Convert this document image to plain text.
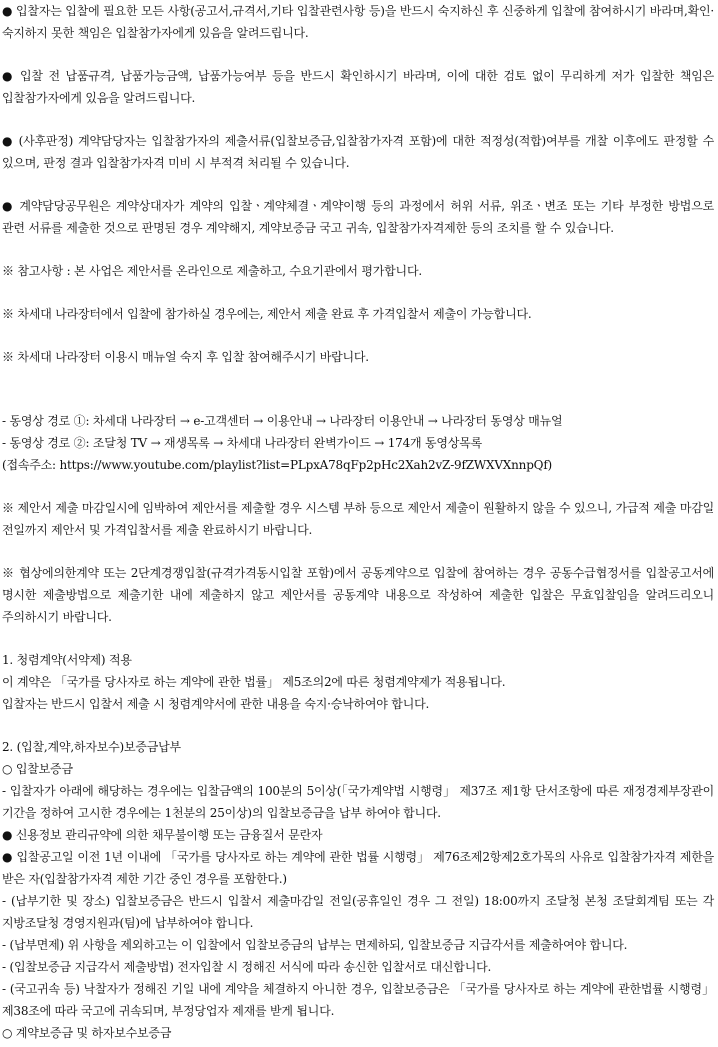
● 입찰자는 입찰에 필요한 모든 사항(공고서,규격서,기타 입찰관련사항 등)을 반드시 숙지하신 후 신중하게 입찰에 참여하시기 바라며,확인·숙지하지 못한 책임은 입찰참가자에게 있음을 알려드립니다.
● 입찰 전 납품규격, 납품가능금액, 납품가능여부 등을 반드시 확인하시기 바라며, 이에 대한 검토 없이 무리하게 저가 입찰한 책임은 입찰참가자에게 있음을 알려드립니다.
● (사후판정) 계약담당자는 입찰참가자의 제출서류(입찰보증금,입찰참가자격 포함)에 대한 적정성(적합)여부를 개찰 이후에도 판정할 수 있으며, 판정 결과 입찰참가자격 미비 시 부적격 처리될 수 있습니다.
● 계약담당공무원은 계약상대자가 계약의 입찰ㆍ계약체결ㆍ계약이행 등의 과정에서 허위 서류, 위조ㆍ변조 또는 기타 부정한 방법으로 관련 서류를 제출한 것으로 판명된 경우 계약해지, 계약보증금 국고 귀속, 입찰참가자격제한 등의 조치를 할 수 있습니다.
※ 참고사항 : 본 사업은 제안서를 온라인으로 제출하고, 수요기관에서 평가합니다.
※ 차세대 나라장터에서 입찰에 참가하실 경우에는, 제안서 제출 완료 후 가격입찰서 제출이 가능합니다.
※ 차세대 나라장터 이용시 매뉴얼 숙지 후 입찰 참여해주시기 바랍니다.
- 동영상 경로 ①: 차세대 나라장터 → e-고객센터 → 이용안내 → 나라장터 이용안내 → 나라장터 동영상 매뉴얼
- 동영상 경로 ②: 조달청 TV → 재생목록 → 차세대 나라장터 완벽가이드 → 174개 동영상목록
(접속주소: https://www.youtube.com/playlist?list=PLpxA78qFp2pHc2Xah2vZ-9fZWXVXnnpQf)
※ 제안서 제출 마감일시에 임박하여 제안서를 제출할 경우 시스템 부하 등으로 제안서 제출이 원활하지 않을 수 있으니, 가급적 제출 마감일 전일까지 제안서 및 가격입찰서를 제출 완료하시기 바랍니다.
※ 협상에의한계약 또는 2단계경쟁입찰(규격가격동시입찰 포함)에서 공동계약으로 입찰에 참여하는 경우 공동수급협정서를 입찰공고서에 명시한 제출방법으로 제출기한 내에 제출하지 않고 제안서를 공동계약 내용으로 작성하여 제출한 입찰은 무효입찰임을 알려드리오니 주의하시기 바랍니다.
1. 청렴계약(서약제) 적용
이 계약은 「국가를 당사자로 하는 계약에 관한 법률」 제5조의2에 따른 청렴계약제가 적용됩니다.
입찰자는 반드시 입찰서 제출 시 청렴계약서에 관한 내용을 숙지·승낙하여야 합니다.
2. (입찰,계약,하자보수)보증금납부
○ 입찰보증금
- 입찰자가 아래에 해당하는 경우에는 입찰금액의 100분의 5이상(「국가계약법 시행령」 제37조 제1항 단서조항에 따른 재정경제부장관이 기간을 정하여 고시한 경우에는 1천분의 25이상)의 입찰보증금을 납부 하여야 합니다.
● 신용정보 관리규약에 의한 채무불이행 또는 금융질서 문란자
● 입찰공고일 이전 1년 이내에 「국가를 당사자로 하는 계약에 관한 법률 시행령」 제76조제2항제2호가목의 사유로 입찰참가자격 제한을 받은 자(입찰참가자격 제한 기간 중인 경우를 포함한다.)
- (납부기한 및 장소) 입찰보증금은 반드시 입찰서 제출마감일 전일(공휴일인 경우 그 전일) 18:00까지 조달청 본청 조달회계팀 또는 각 지방조달청 경영지원과(팀)에 납부하여야 합니다.
- (납부면제) 위 사항을 제외하고는 이 입찰에서 입찰보증금의 납부는 면제하되, 입찰보증금 지급각서를 제출하여야 합니다.
- (입찰보증금 지급각서 제출방법) 전자입찰 시 정해진 서식에 따라 송신한 입찰서로 대신합니다.
- (국고귀속 등) 낙찰자가 정해진 기일 내에 계약을 체결하지 아니한 경우, 입찰보증금은 「국가를 당사자로 하는 계약에 관한법률 시행령」 제38조에 따라 국고에 귀속되며, 부정당업자 제재를 받게 됩니다.
○ 계약보증금 및 하자보수보증금
